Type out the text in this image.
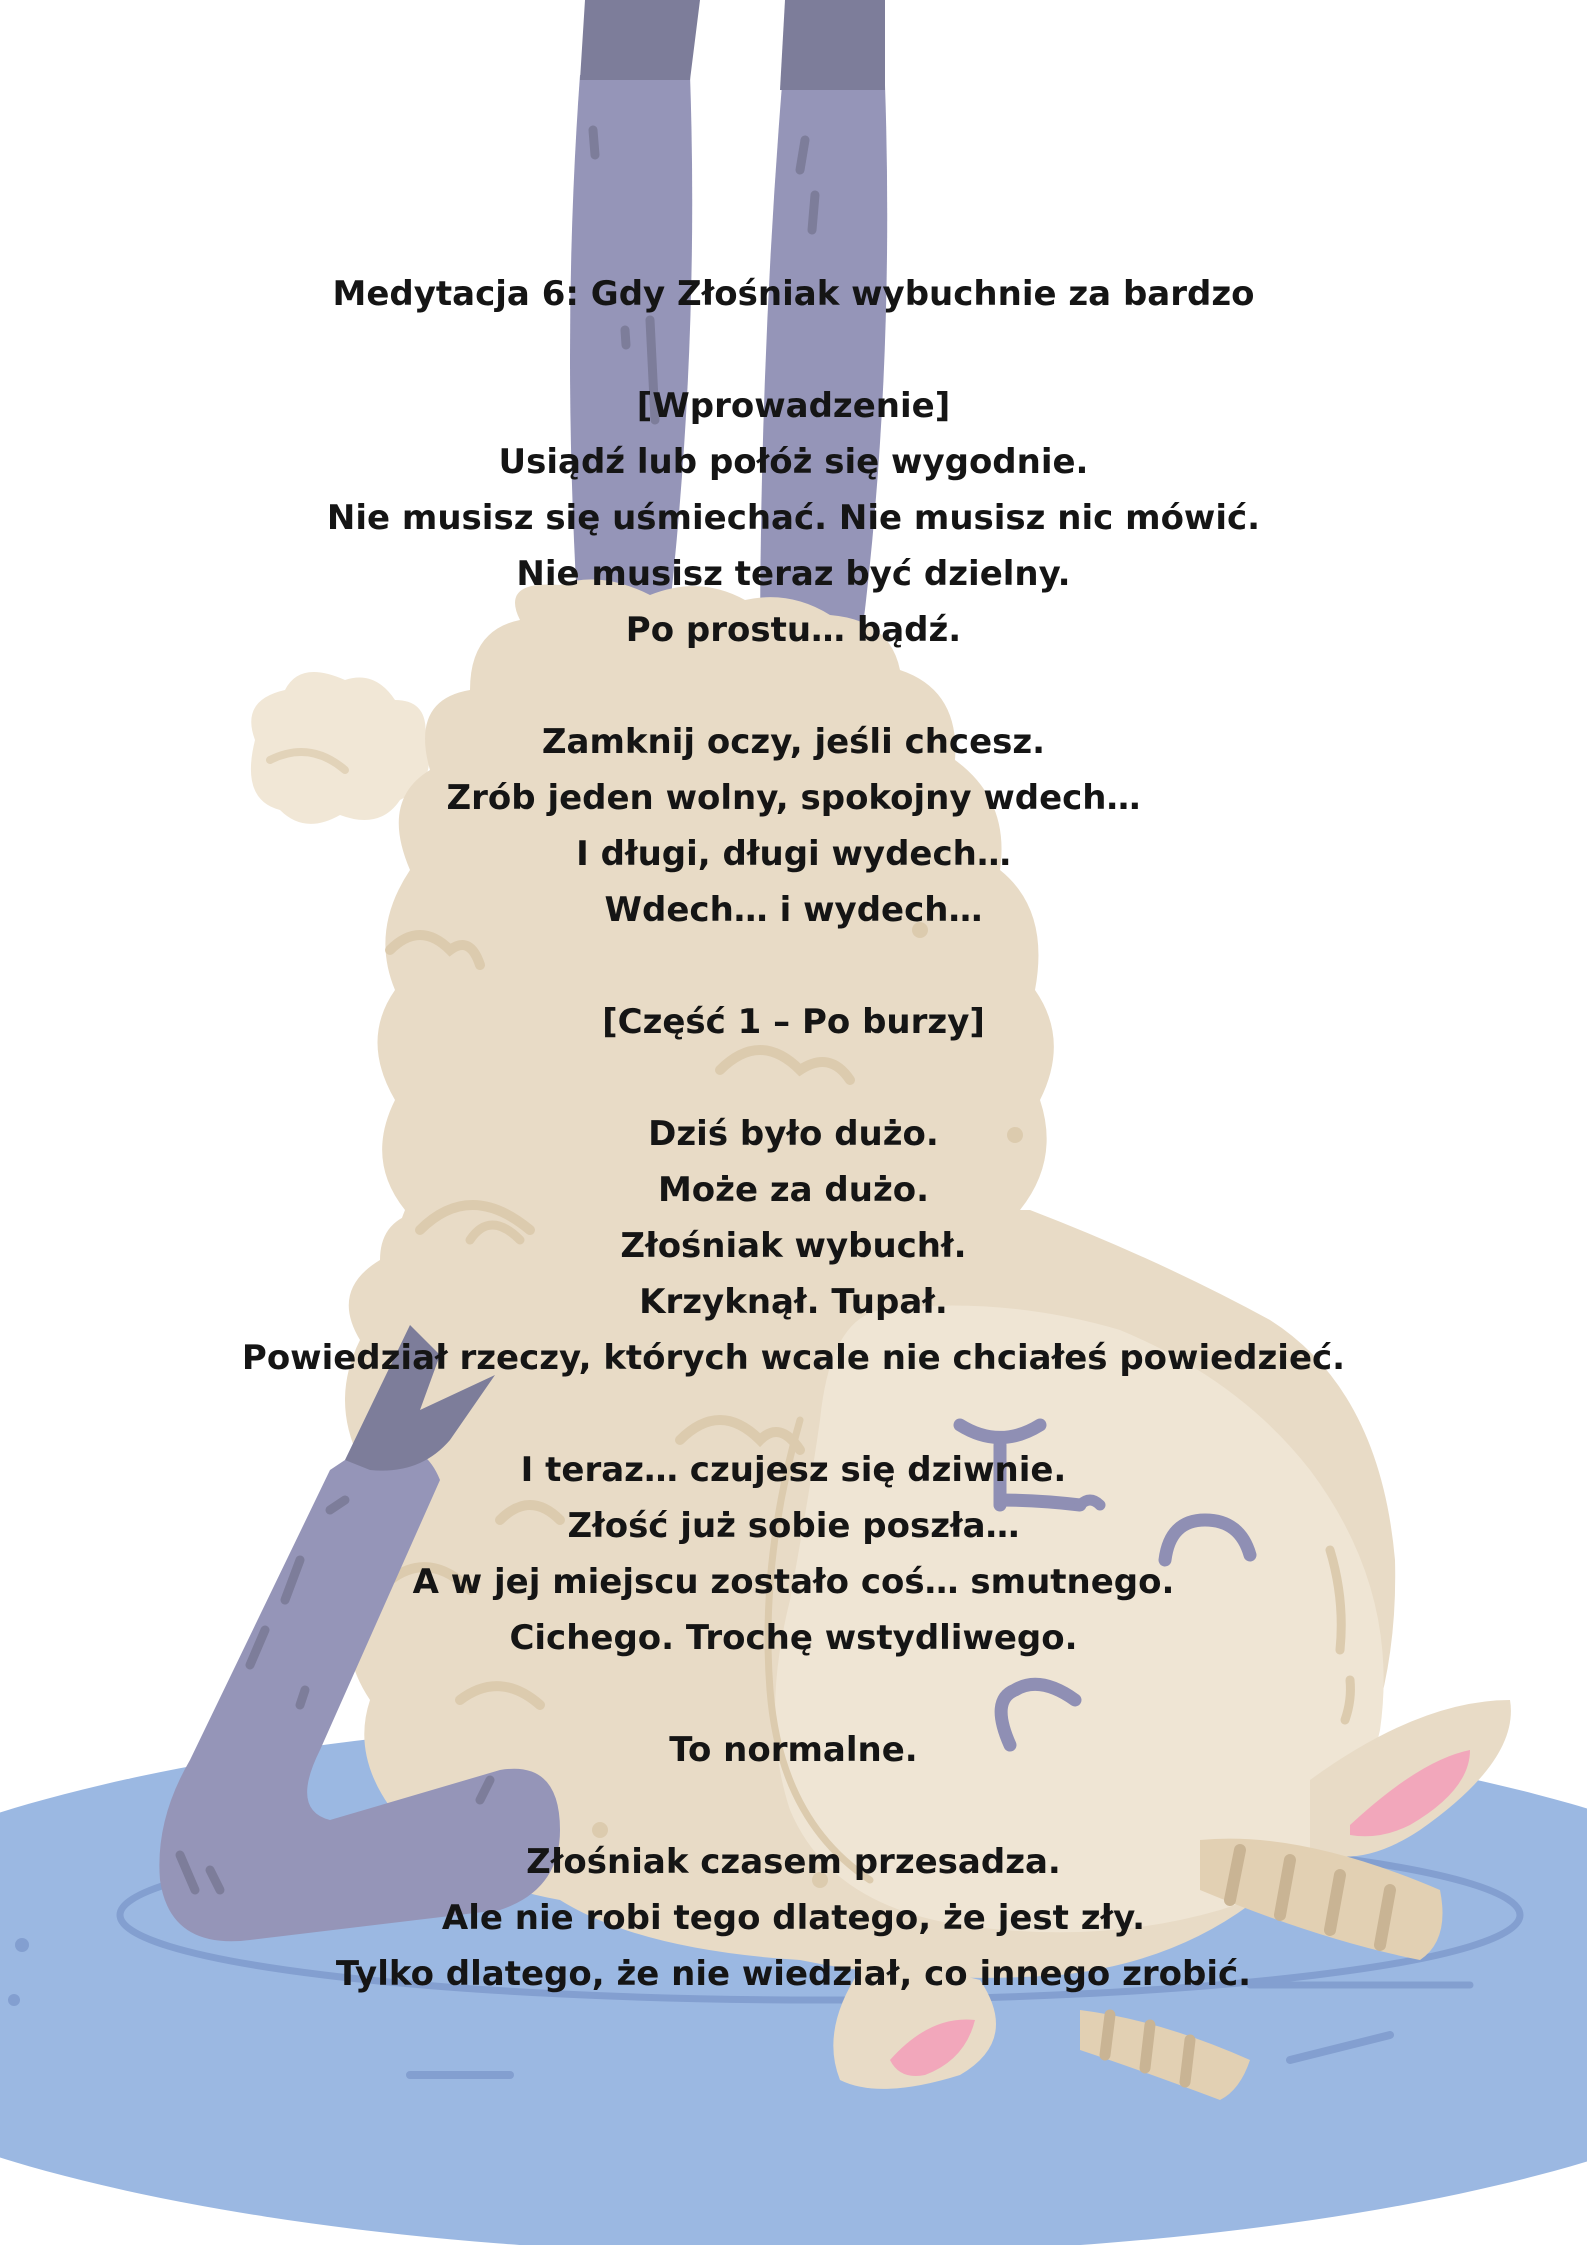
Medytacja 6: Gdy Złośniak wybuchnie za bardzo
[Wprowadzenie]
Usiądź lub połóż się wygodnie.
Nie musisz się uśmiechać. Nie musisz nic mówić.
Nie musisz teraz być dzielny.
Po prostu… bądź.
Zamknij oczy, jeśli chcesz.
Zrób jeden wolny, spokojny wdech…
I długi, długi wydech…
Wdech… i wydech…
[Część 1 – Po burzy]
Dziś było dużo.
Może za dużo.
Złośniak wybuchł.
Krzyknął. Tupał.
Powiedział rzeczy, których wcale nie chciałeś powiedzieć.
I teraz… czujesz się dziwnie.
Złość już sobie poszła…
A w jej miejscu zostało coś… smutnego.
Cichego. Trochę wstydliwego.
To normalne.
Złośniak czasem przesadza.
Ale nie robi tego dlatego, że jest zły.
Tylko dlatego, że nie wiedział, co innego zrobić.
